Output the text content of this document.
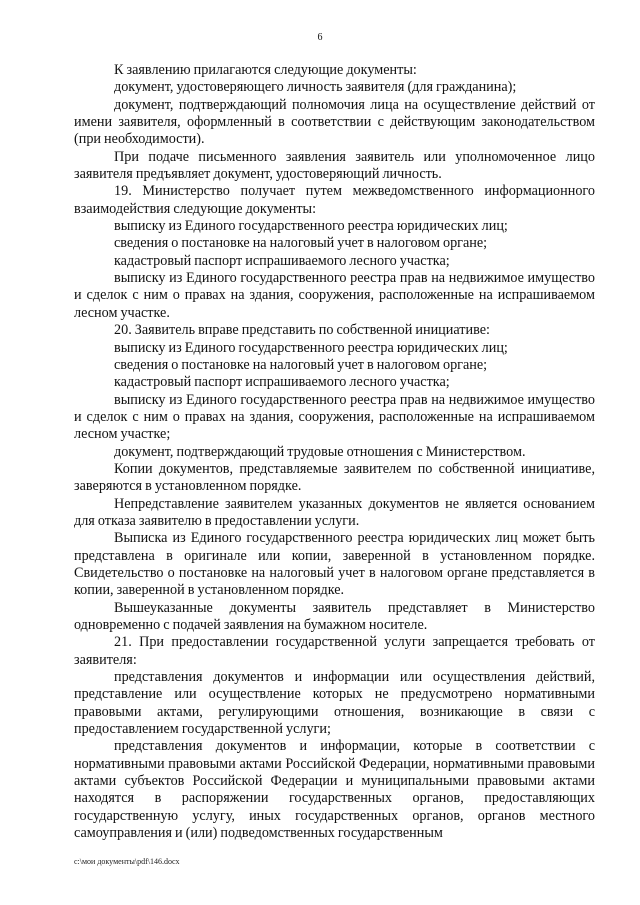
6

К заявлению прилагаются следующие документы:

документ, удостоверяющего личность заявителя (для гражданина);

документ, подтверждающий полномочия лица на осуществление действий от имени заявителя, оформленный в соответствии с действующим законодательством (при необходимости).

При подаче письменного заявления заявитель или уполномоченное лицо заявителя предъявляет документ, удостоверяющий личность.

19. Министерство получает путем межведомственного информационного взаимодействия следующие документы:

выписку из Единого государственного реестра юридических лиц;

сведения о постановке на налоговый учет в налоговом органе;

кадастровый паспорт испрашиваемого лесного участка;

выписку из Единого государственного реестра прав на недвижимое имущество и сделок с ним о правах на здания, сооружения, расположенные на испрашиваемом лесном участке.

20. Заявитель вправе представить по собственной инициативе:

выписку из Единого государственного реестра юридических лиц;

сведения о постановке на налоговый учет в налоговом органе;

кадастровый паспорт испрашиваемого лесного участка;

выписку из Единого государственного реестра прав на недвижимое имущество и сделок с ним о правах на здания, сооружения, расположенные на испрашиваемом лесном участке;

документ, подтверждающий трудовые отношения с Министерством.

Копии документов, представляемые заявителем по собственной инициативе, заверяются в установленном порядке.

Непредставление заявителем указанных документов не является основанием для отказа заявителю в предоставлении услуги.

Выписка из Единого государственного реестра юридических лиц может быть представлена в оригинале или копии, заверенной в установленном порядке. Свидетельство о постановке на налоговый учет в налоговом органе представляется в копии, заверенной в установленном порядке.

Вышеуказанные документы заявитель представляет в Министерство одновременно с подачей заявления на бумажном носителе.

21. При предоставлении государственной услуги запрещается требовать от заявителя:

представления документов и информации или осуществления действий, представление или осуществление которых не предусмотрено нормативными правовыми актами, регулирующими отношения, возникающие в связи с предоставлением государственной услуги;

представления документов и информации, которые в соответствии с нормативными правовыми актами Российской Федерации, нормативными правовыми актами субъектов Российской Федерации и муниципальными правовыми актами находятся в распоряжении государственных органов, предоставляющих государственную услугу, иных государственных органов, органов местного самоуправления и (или) подведомственных государственным

c:\мои документы\pdf\146.docx
